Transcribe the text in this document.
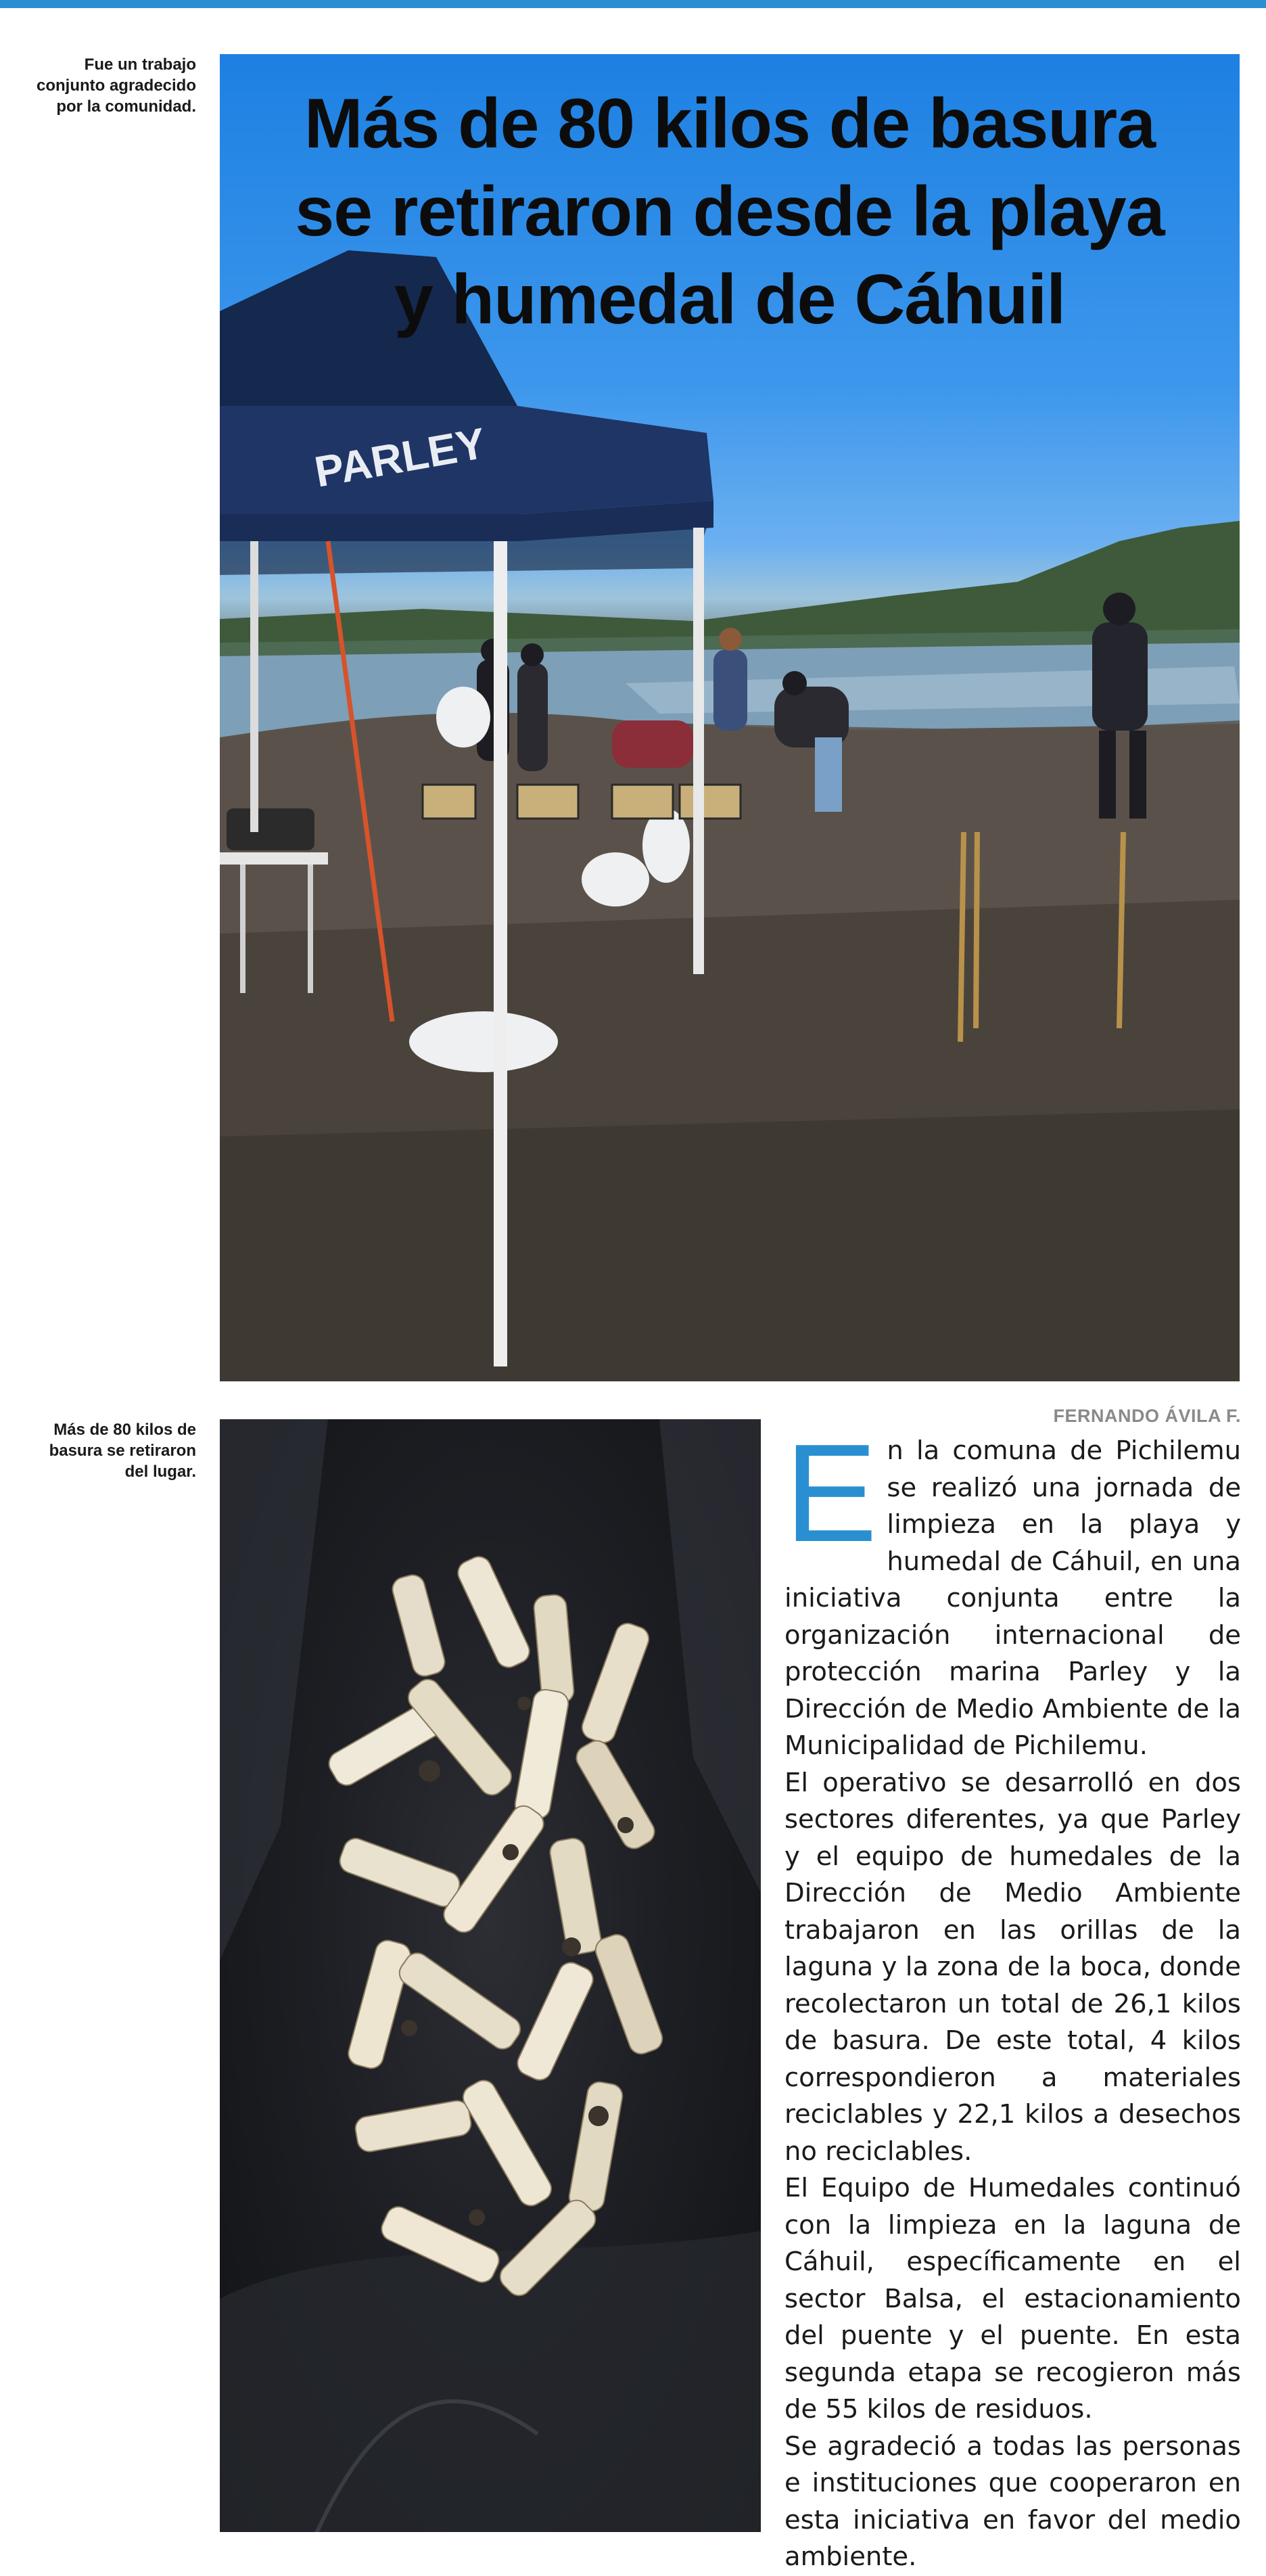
Fue un trabajo conjunto agradecido por la comunidad.
PARLEY
Más de 80 kilos de basura
se retiraron desde la playa
y humedal de Cáhuil
Más de 80 kilos de basura se retiraron del lugar.
FERNANDO ÁVILA F.

En la comuna de Pichilemu se realizó una jornada de limpieza en la playa y humedal de Cáhuil, en una iniciativa conjunta entre la organización internacional de protección marina Parley y la Dirección de Medio Ambiente de la Municipalidad de Pichilemu.

El operativo se desarrolló en dos sectores diferentes, ya que Parley y el equipo de humedales de la Dirección de Medio Ambiente trabajaron en las orillas de la laguna y la zona de la boca, donde recolectaron un total de 26,1 kilos de basura. De este total, 4 kilos correspondieron a materiales reciclables y 22,1 kilos a desechos no reciclables.

El Equipo de Humedales continuó con la limpieza en la laguna de Cáhuil, específicamente en el sector Balsa, el estacionamiento del puente y el puente. En esta segunda etapa se recogieron más de 55 kilos de residuos.

Se agradeció a todas las personas e instituciones que cooperaron en esta iniciativa en favor del medio ambiente.
